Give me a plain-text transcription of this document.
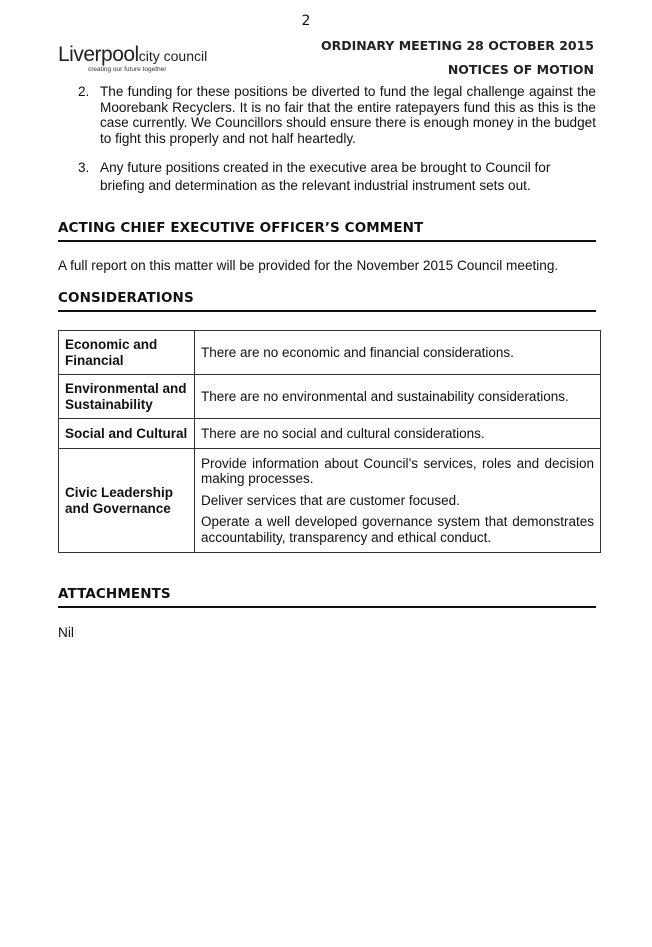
2
Liverpoolcity council
creating our future together
ORDINARY MEETING 28 OCTOBER 2015
NOTICES OF MOTION
2. The funding for these positions be diverted to fund the legal challenge against the Moorebank Recyclers. It is no fair that the entire ratepayers fund this as this is the case currently. We Councillors should ensure there is enough money in the budget to fight this properly and not half heartedly.
3. Any future positions created in the executive area be brought to Council for briefing and determination as the relevant industrial instrument sets out.
ACTING CHIEF EXECUTIVE OFFICER’S COMMENT
A full report on this matter will be provided for the November 2015 Council meeting.
CONSIDERATIONS
Economic and Financial	There are no economic and financial considerations.

Environmental and Sustainability	There are no environmental and sustainability considerations.

Social and Cultural	There are no social and cultural considerations.

Civic Leadership and Governance	Provide information about Council’s services, roles and decision making processes.

Deliver services that are customer focused.

Operate a well developed governance system that demonstrates accountability, transparency and ethical conduct.

ATTACHMENTS
Nil
